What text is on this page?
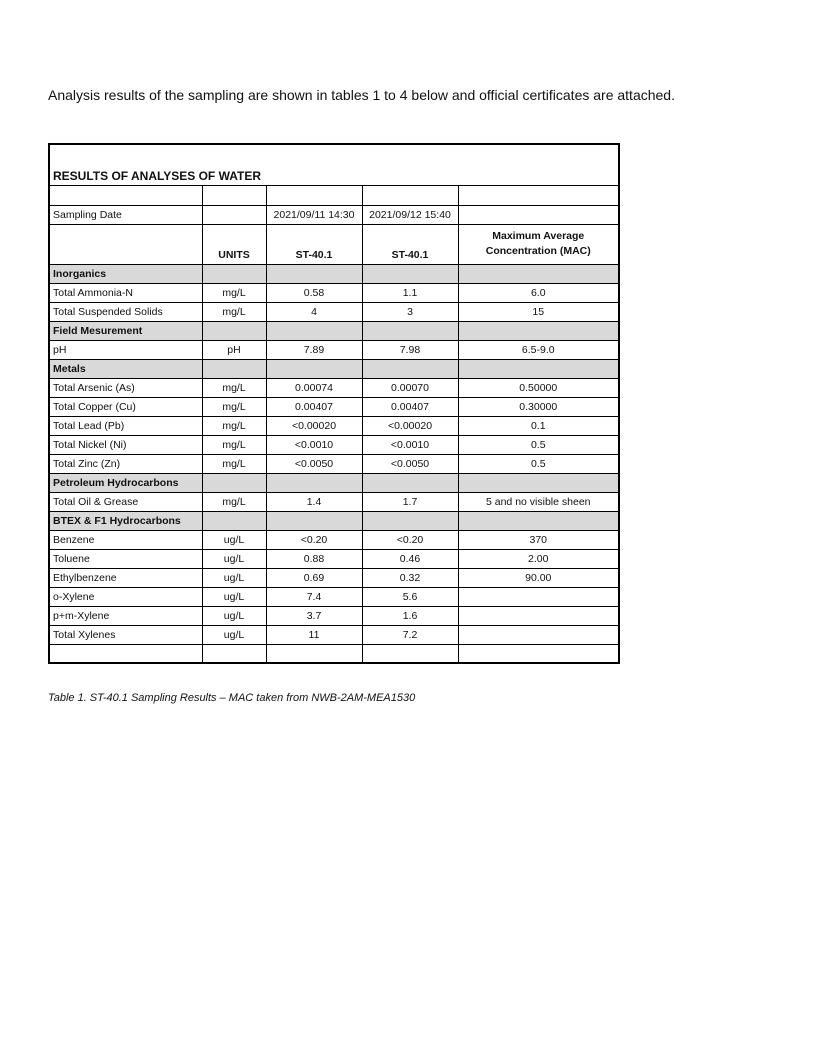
Analysis results of the sampling are shown in tables 1 to 4 below and official certificates are attached.
RESULTS OF ANALYSES OF WATER				

Sampling Date		2021/09/11 14:30	2021/09/12 15:40	
	UNITS	ST-40.1	ST-40.1	Maximum Average
Concentration (MAC)

Inorganics				
Total Ammonia-N	mg/L	0.58	1.1	6.0
Total Suspended Solids	mg/L	4	3	15
Field Mesurement				
pH	pH	7.89	7.98	6.5-9.0
Metals				
Total Arsenic (As)	mg/L	0.00074	0.00070	0.50000
Total Copper (Cu)	mg/L	0.00407	0.00407	0.30000
Total Lead (Pb)	mg/L	<0.00020	<0.00020	0.1
Total Nickel (Ni)	mg/L	<0.0010	<0.0010	0.5
Total Zinc (Zn)	mg/L	<0.0050	<0.0050	0.5
Petroleum Hydrocarbons				
Total Oil & Grease	mg/L	1.4	1.7	5 and no visible sheen
BTEX & F1 Hydrocarbons				
Benzene	ug/L	<0.20	<0.20	370
Toluene	ug/L	0.88	0.46	2.00
Ethylbenzene	ug/L	0.69	0.32	90.00
o-Xylene	ug/L	7.4	5.6	
p+m-Xylene	ug/L	3.7	1.6	
Total Xylenes	ug/L	11	7.2	

Table 1. ST-40.1 Sampling Results – MAC taken from NWB-2AM-MEA1530
